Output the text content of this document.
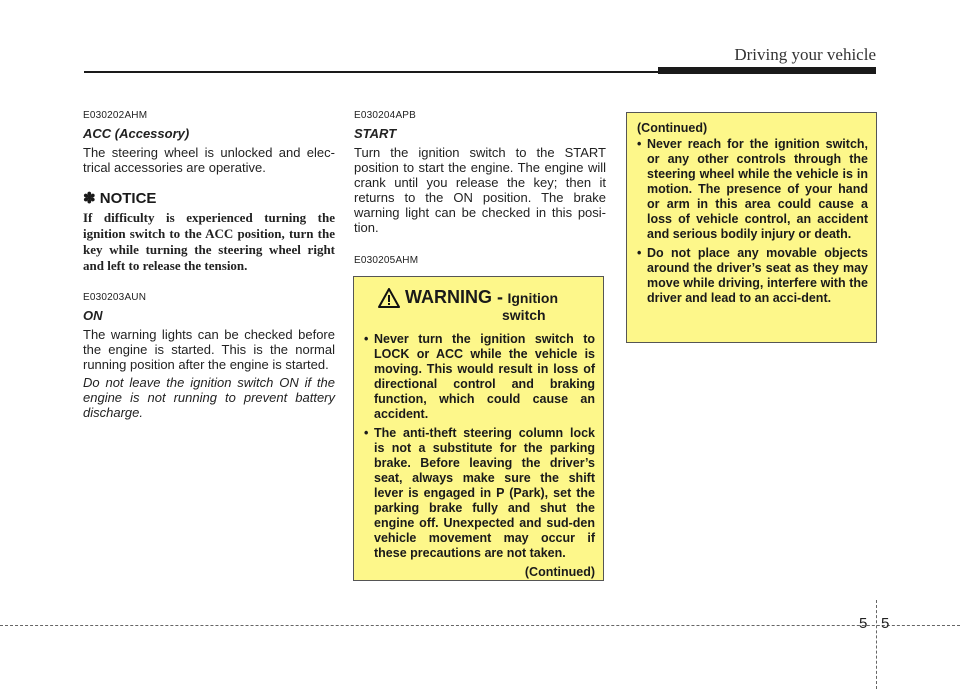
Driving your vehicle
E030202AHM
ACC (Accessory)
The steering wheel is unlocked and elec-trical accessories are operative.
✽ NOTICE
If difficulty is experienced turning the ignition switch to the ACC position, turn the key while turning the steering wheel right and left to release the tension.
E030203AUN
ON
The warning lights can be checked before the engine is started. This is the normal running position after the engine is started.
Do not leave the ignition switch ON if the engine is not running to prevent battery discharge.
E030204APB
START
Turn the ignition switch to the START position to start the engine. The engine will crank until you release the key; then it returns to the ON position. The brake warning light can be checked in this posi-tion.
E030205AHM
WARNING - Ignition
switch
• Never turn the ignition switch to LOCK or ACC while the vehicle is moving. This would result in loss of directional control and braking function, which could cause an accident.
• The anti-theft steering column lock is not a substitute for the parking brake. Before leaving the driver’s seat, always make sure the shift lever is engaged in P (Park), set the parking brake fully and shut the engine off. Unexpected and sud-den vehicle movement may occur if these precautions are not taken.
(Continued)
(Continued)
• Never reach for the ignition switch, or any other controls through the steering wheel while the vehicle is in motion. The presence of your hand or arm in this area could cause a loss of vehicle control, an accident and serious bodily injury or death.
• Do not place any movable objects around the driver’s seat as they may move while driving, interfere with the driver and lead to an acci-dent.
5 5
